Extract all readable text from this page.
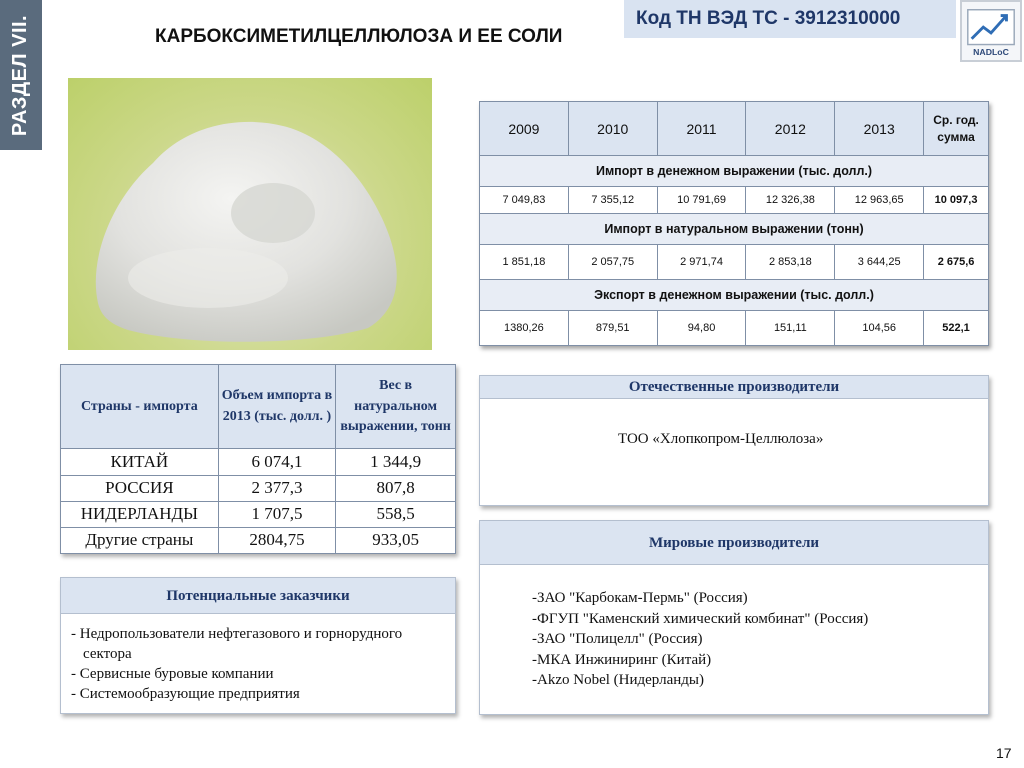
РАЗДЕЛ VII.	КАРБОКСИМЕТИЛЦЕЛЛЮЛОЗА И ЕЕ СОЛИ
Код ТН ВЭД ТС - 3912310000
NADLoC
2009	2010	2011	2012	2013	Ср. год.
сумма
Импорт в денежном выражении (тыс. долл.)					
7 049,83	7 355,12	10 791,69	12 326,38	12 963,65	10 097,3
Импорт в натуральном выражении (тонн)					
1 851,18	2 057,75	2 971,74	2 853,18	3 644,25	2 675,6
Экспорт в денежном выражении (тыс. долл.)					
1380,26	879,51	94,80	151,11	104,56	522,1
Страны - импорта	Объем импорта в 2013 (тыс. долл. )	Вес в натуральном выражении, тонн
КИТАЙ	6 074,1	1 344,9
РОССИЯ	2 377,3	807,8
НИДЕРЛАНДЫ	1 707,5	558,5
Другие страны	2804,75	933,05
Потенциальные заказчики
- Недропользователи нефтегазового и горнорудного сектора
- Сервисные буровые компании
- Системообразующие предприятия
Отечественные производители
ТОО «Хлопкопром-Целлюлоза»
Мировые производители
-ЗАО "Карбокам-Пермь" (Россия)
-ФГУП "Каменский химический комбинат" (Россия)
-ЗАО "Полицелл" (Россия)
-МКА Инжиниринг (Китай)
-Akzo Nobel (Нидерланды)
17
